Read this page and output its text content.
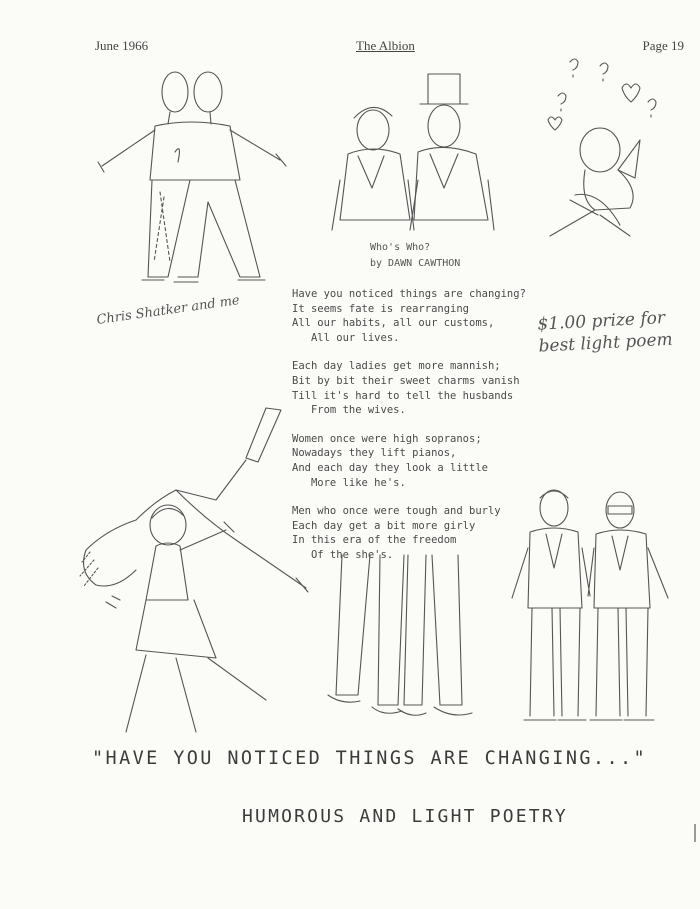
June 1966	The Albion	Page 19
Chris Shatker and me
Who's Who?
by DAWN CAWTHON
Have you noticed things are changing?
It seems fate is rearranging
All our habits, all our customs,
All our lives.
Each day ladies get more mannish;
Bit by bit their sweet charms vanish
Till it's hard to tell the husbands
From the wives.
Women once were high sopranos;
Nowadays they lift pianos,
And each day they look a little
More like he's.
Men who once were tough and burly
Each day get a bit more girly
In this era of the freedom
Of the she's.
$1.00 prize for best light poem
"HAVE YOU NOTICED THINGS ARE CHANGING..."
HUMOROUS AND LIGHT POETRY
